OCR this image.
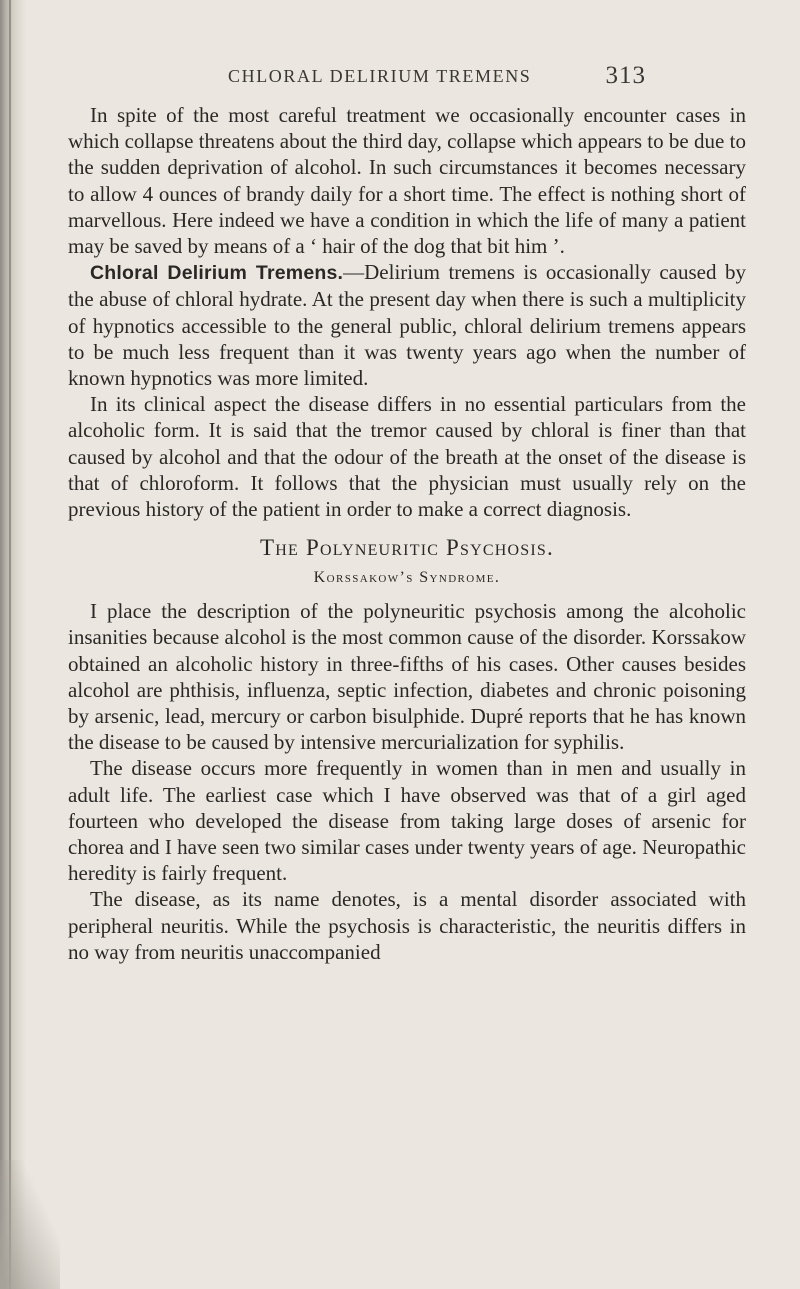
CHLORAL DELIRIUM TREMENS	313

In spite of the most careful treatment we occasionally encounter cases in which collapse threatens about the third day, collapse which appears to be due to the sudden deprivation of alcohol. In such circumstances it becomes necessary to allow 4 ounces of brandy daily for a short time. The effect is nothing short of marvellous. Here indeed we have a condition in which the life of many a patient may be saved by means of a ‘ hair of the dog that bit him ’.

Chloral Delirium Tremens.—Delirium tremens is occasionally caused by the abuse of chloral hydrate. At the present day when there is such a multiplicity of hypnotics accessible to the general public, chloral delirium tremens appears to be much less frequent than it was twenty years ago when the number of known hypnotics was more limited.

In its clinical aspect the disease differs in no essential particulars from the alcoholic form. It is said that the tremor caused by chloral is finer than that caused by alcohol and that the odour of the breath at the onset of the disease is that of chloroform. It follows that the physician must usually rely on the previous history of the patient in order to make a correct diagnosis.

The Polyneuritic Psychosis.
Korssakow’s Syndrome.

I place the description of the polyneuritic psychosis among the alcoholic insanities because alcohol is the most common cause of the disorder. Korssakow obtained an alcoholic history in three-fifths of his cases. Other causes besides alcohol are phthisis, influenza, septic infection, diabetes and chronic poisoning by arsenic, lead, mercury or carbon bisulphide. Dupré reports that he has known the disease to be caused by intensive mercurialization for syphilis.

The disease occurs more frequently in women than in men and usually in adult life. The earliest case which I have observed was that of a girl aged fourteen who developed the disease from taking large doses of arsenic for chorea and I have seen two similar cases under twenty years of age. Neuropathic heredity is fairly frequent.

The disease, as its name denotes, is a mental disorder associated with peripheral neuritis. While the psychosis is characteristic, the neuritis differs in no way from neuritis unaccompanied
